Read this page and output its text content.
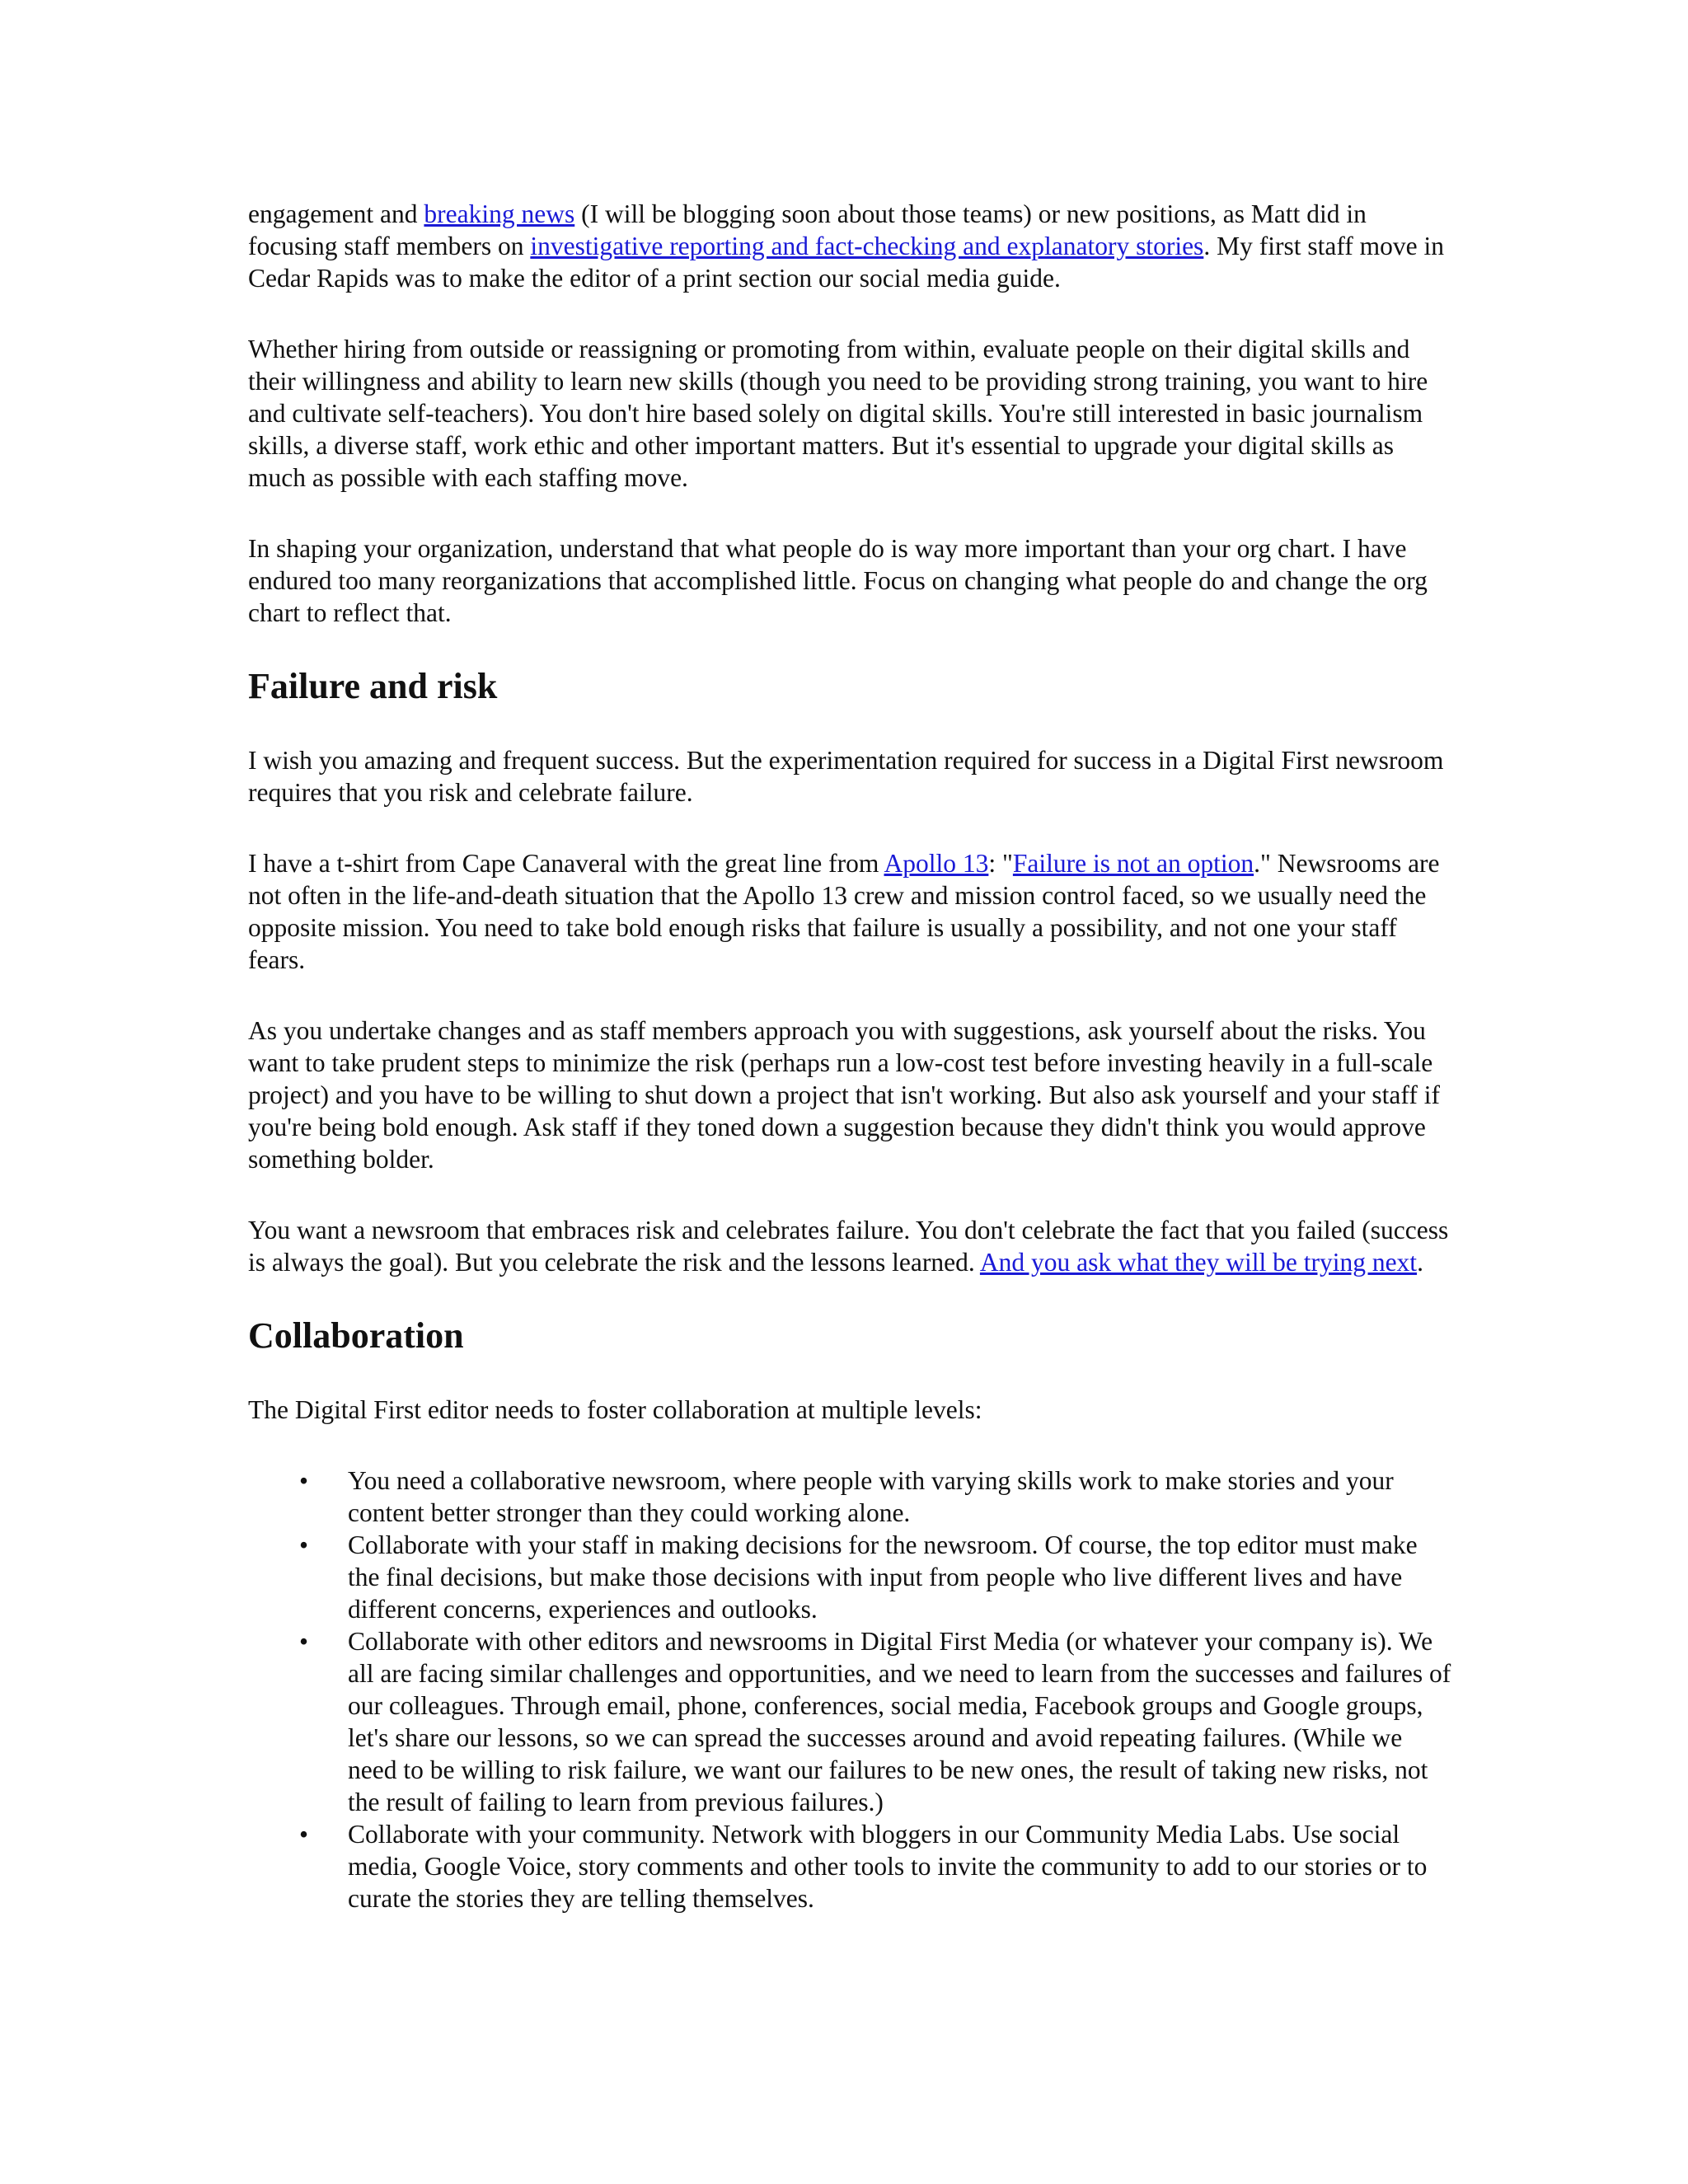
engagement and breaking news (I will be blogging soon about those teams) or new positions, as Matt did in focusing staff members on investigative reporting and fact-checking and explanatory stories. My first staff move in Cedar Rapids was to make the editor of a print section our social media guide.

Whether hiring from outside or reassigning or promoting from within, evaluate people on their digital skills and their willingness and ability to learn new skills (though you need to be providing strong training, you want to hire and cultivate self-teachers). You don't hire based solely on digital skills. You're still interested in basic journalism skills, a diverse staff, work ethic and other important matters. But it's essential to upgrade your digital skills as much as possible with each staffing move.

In shaping your organization, understand that what people do is way more important than your org chart. I have endured too many reorganizations that accomplished little. Focus on changing what people do and change the org chart to reflect that.

Failure and risk

I wish you amazing and frequent success. But the experimentation required for success in a Digital First newsroom requires that you risk and celebrate failure.

I have a t-shirt from Cape Canaveral with the great line from Apollo 13: "Failure is not an option." Newsrooms are not often in the life-and-death situation that the Apollo 13 crew and mission control faced, so we usually need the opposite mission. You need to take bold enough risks that failure is usually a possibility, and not one your staff fears.

As you undertake changes and as staff members approach you with suggestions, ask yourself about the risks. You want to take prudent steps to minimize the risk (perhaps run a low-cost test before investing heavily in a full-scale project) and you have to be willing to shut down a project that isn't working. But also ask yourself and your staff if you're being bold enough. Ask staff if they toned down a suggestion because they didn't think you would approve something bolder.

You want a newsroom that embraces risk and celebrates failure. You don't celebrate the fact that you failed (success is always the goal). But you celebrate the risk and the lessons learned. And you ask what they will be trying next.

Collaboration

The Digital First editor needs to foster collaboration at multiple levels:

• You need a collaborative newsroom, where people with varying skills work to make stories and your content better stronger than they could working alone.
• Collaborate with your staff in making decisions for the newsroom. Of course, the top editor must make the final decisions, but make those decisions with input from people who live different lives and have different concerns, experiences and outlooks.
• Collaborate with other editors and newsrooms in Digital First Media (or whatever your company is). We all are facing similar challenges and opportunities, and we need to learn from the successes and failures of our colleagues. Through email, phone, conferences, social media, Facebook groups and Google groups, let's share our lessons, so we can spread the successes around and avoid repeating failures. (While we need to be willing to risk failure, we want our failures to be new ones, the result of taking new risks, not the result of failing to learn from previous failures.)
• Collaborate with your community. Network with bloggers in our Community Media Labs. Use social media, Google Voice, story comments and other tools to invite the community to add to our stories or to curate the stories they are telling themselves.
